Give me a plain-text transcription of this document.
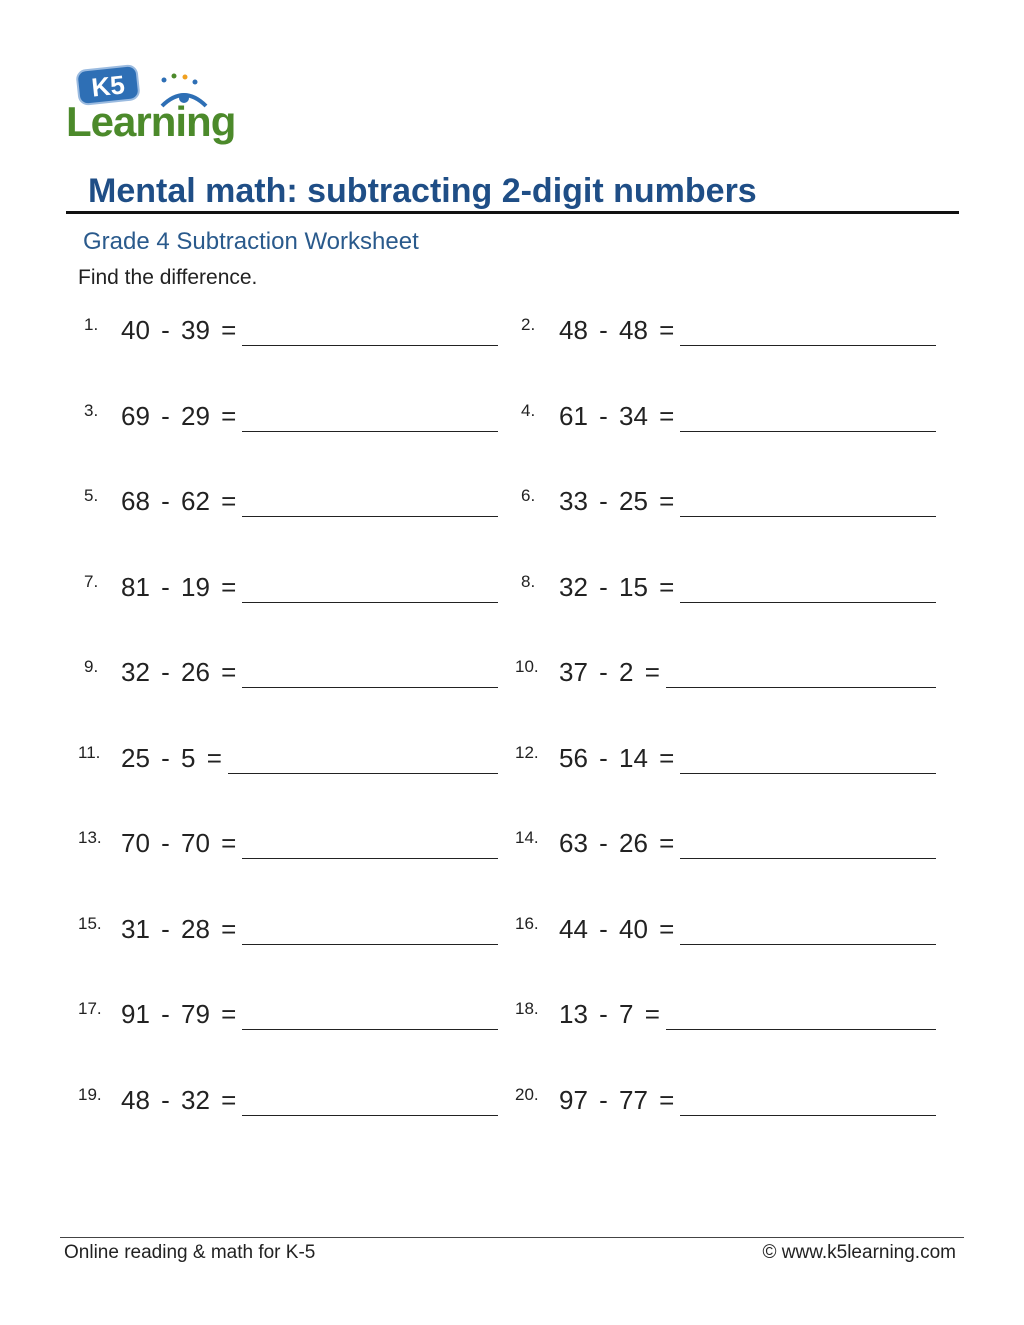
K5
Learning
Mental math: subtracting 2-digit numbers
Grade 4 Subtraction Worksheet
Find the difference.
1. 40 - 39 =	2. 48 - 48 =
3. 69 - 29 =	4. 61 - 34 =
5. 68 - 62 =	6. 33 - 25 =
7. 81 - 19 =	8. 32 - 15 =
9. 32 - 26 =	10. 37 - 2 =
11. 25 - 5 =	12. 56 - 14 =
13. 70 - 70 =	14. 63 - 26 =
15. 31 - 28 =	16. 44 - 40 =
17. 91 - 79 =	18. 13 - 7 =
19. 48 - 32 =	20. 97 - 77 =
Online reading & math for K-5	© www.k5learning.com
